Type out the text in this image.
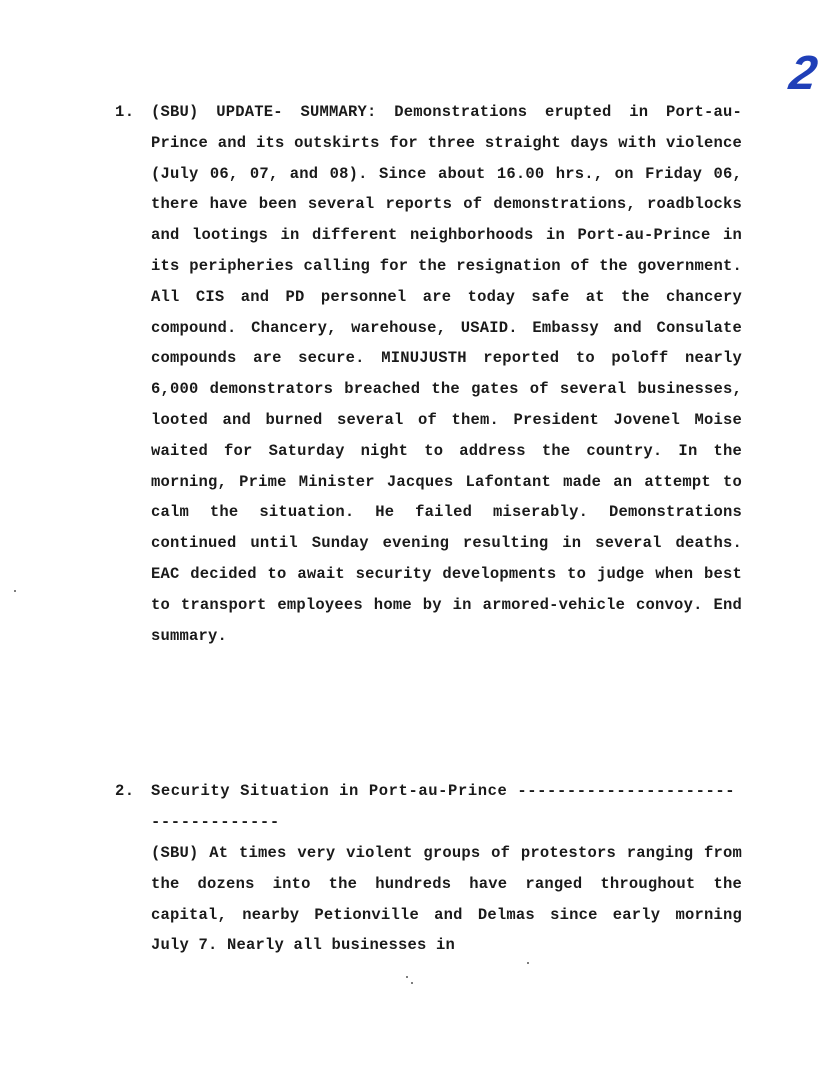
2
1. (SBU) UPDATE- SUMMARY: Demonstrations erupted in Port-au-Prince and its outskirts for three straight days with violence (July 06, 07, and 08). Since about 16.00 hrs., on Friday 06, there have been several reports of demonstrations, roadblocks and lootings in different neighborhoods in Port-au-Prince in its peripheries calling for the resignation of the government. All CIS and PD personnel are today safe at the chancery compound. Chancery, warehouse, USAID. Embassy and Consulate compounds are secure. MINUJUSTH reported to poloff nearly 6,000 demonstrators breached the gates of several businesses, looted and burned several of them. President Jovenel Moise waited for Saturday night to address the country. In the morning, Prime Minister Jacques Lafontant made an attempt to calm the situation. He failed miserably. Demonstrations continued until Sunday evening resulting in several deaths. EAC decided to await security developments to judge when best to transport employees home by in armored-vehicle convoy. End summary.

2. Security Situation in Port-au-Prince -----------------------------------

(SBU) At times very violent groups of protestors ranging from the dozens into the hundreds have ranged throughout the capital, nearby Petionville and Delmas since early morning July 7. Nearly all businesses in
